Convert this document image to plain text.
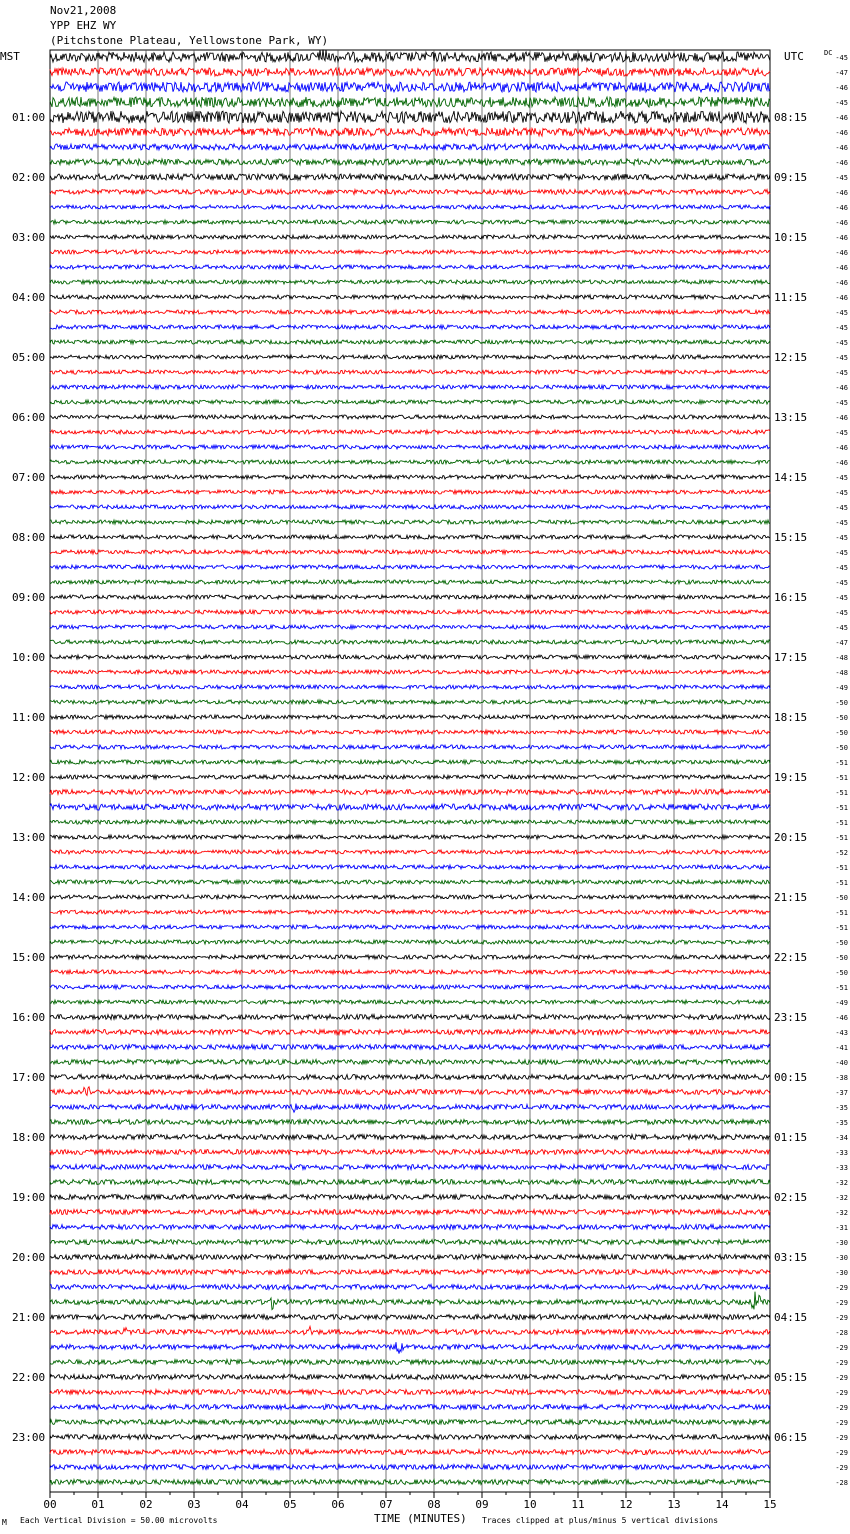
Nov21,2008
YPP EHZ WY
(Pitchstone Plateau, Yellowstone Park, WY)
MST	UTC	DC
00	01	02	03	04	05	06	07	08	09	10	11	12	13	14	15
-45
-47
-46
-45
-46
-46
-46
-46
-45
-46
-46
-46
-46
-46
-46
-46
-46
-45
-45
-45
-45
-45
-46
-45
-46
-45
-46
-46
-45
-45
-45
-45
-45
-45
-45
-45
-45
-45
-45
-47
-48
-48
-49
-50
-50
-50
-50
-51
-51
-51
-51
-51
-51
-52
-51
-51
-50
-51
-51
-50
-50
-50
-51
-49
-46
-43
-41
-40
-38
-37
-35
-35
-34
-33
-33
-32
-32
-32
-31
-30
-30
-30
-29
-29
-29
-28
-29
-29
-29
-29
-29
-29
-29
-29
-29
-28
01:00	08:15
02:00	09:15
03:00	10:15
04:00	11:15
05:00	12:15
06:00	13:15
07:00	14:15
08:00	15:15
09:00	16:15
10:00	17:15
11:00	18:15
12:00	19:15
13:00	20:15
14:00	21:15
15:00	22:15
16:00	23:15
17:00	00:15
18:00	01:15
19:00	02:15
20:00	03:15
21:00	04:15
22:00	05:15
23:00	06:15
TIME (MINUTES)
M Each Vertical Division = 50.00 microvolts	Traces clipped at plus/minus 5 vertical divisions
